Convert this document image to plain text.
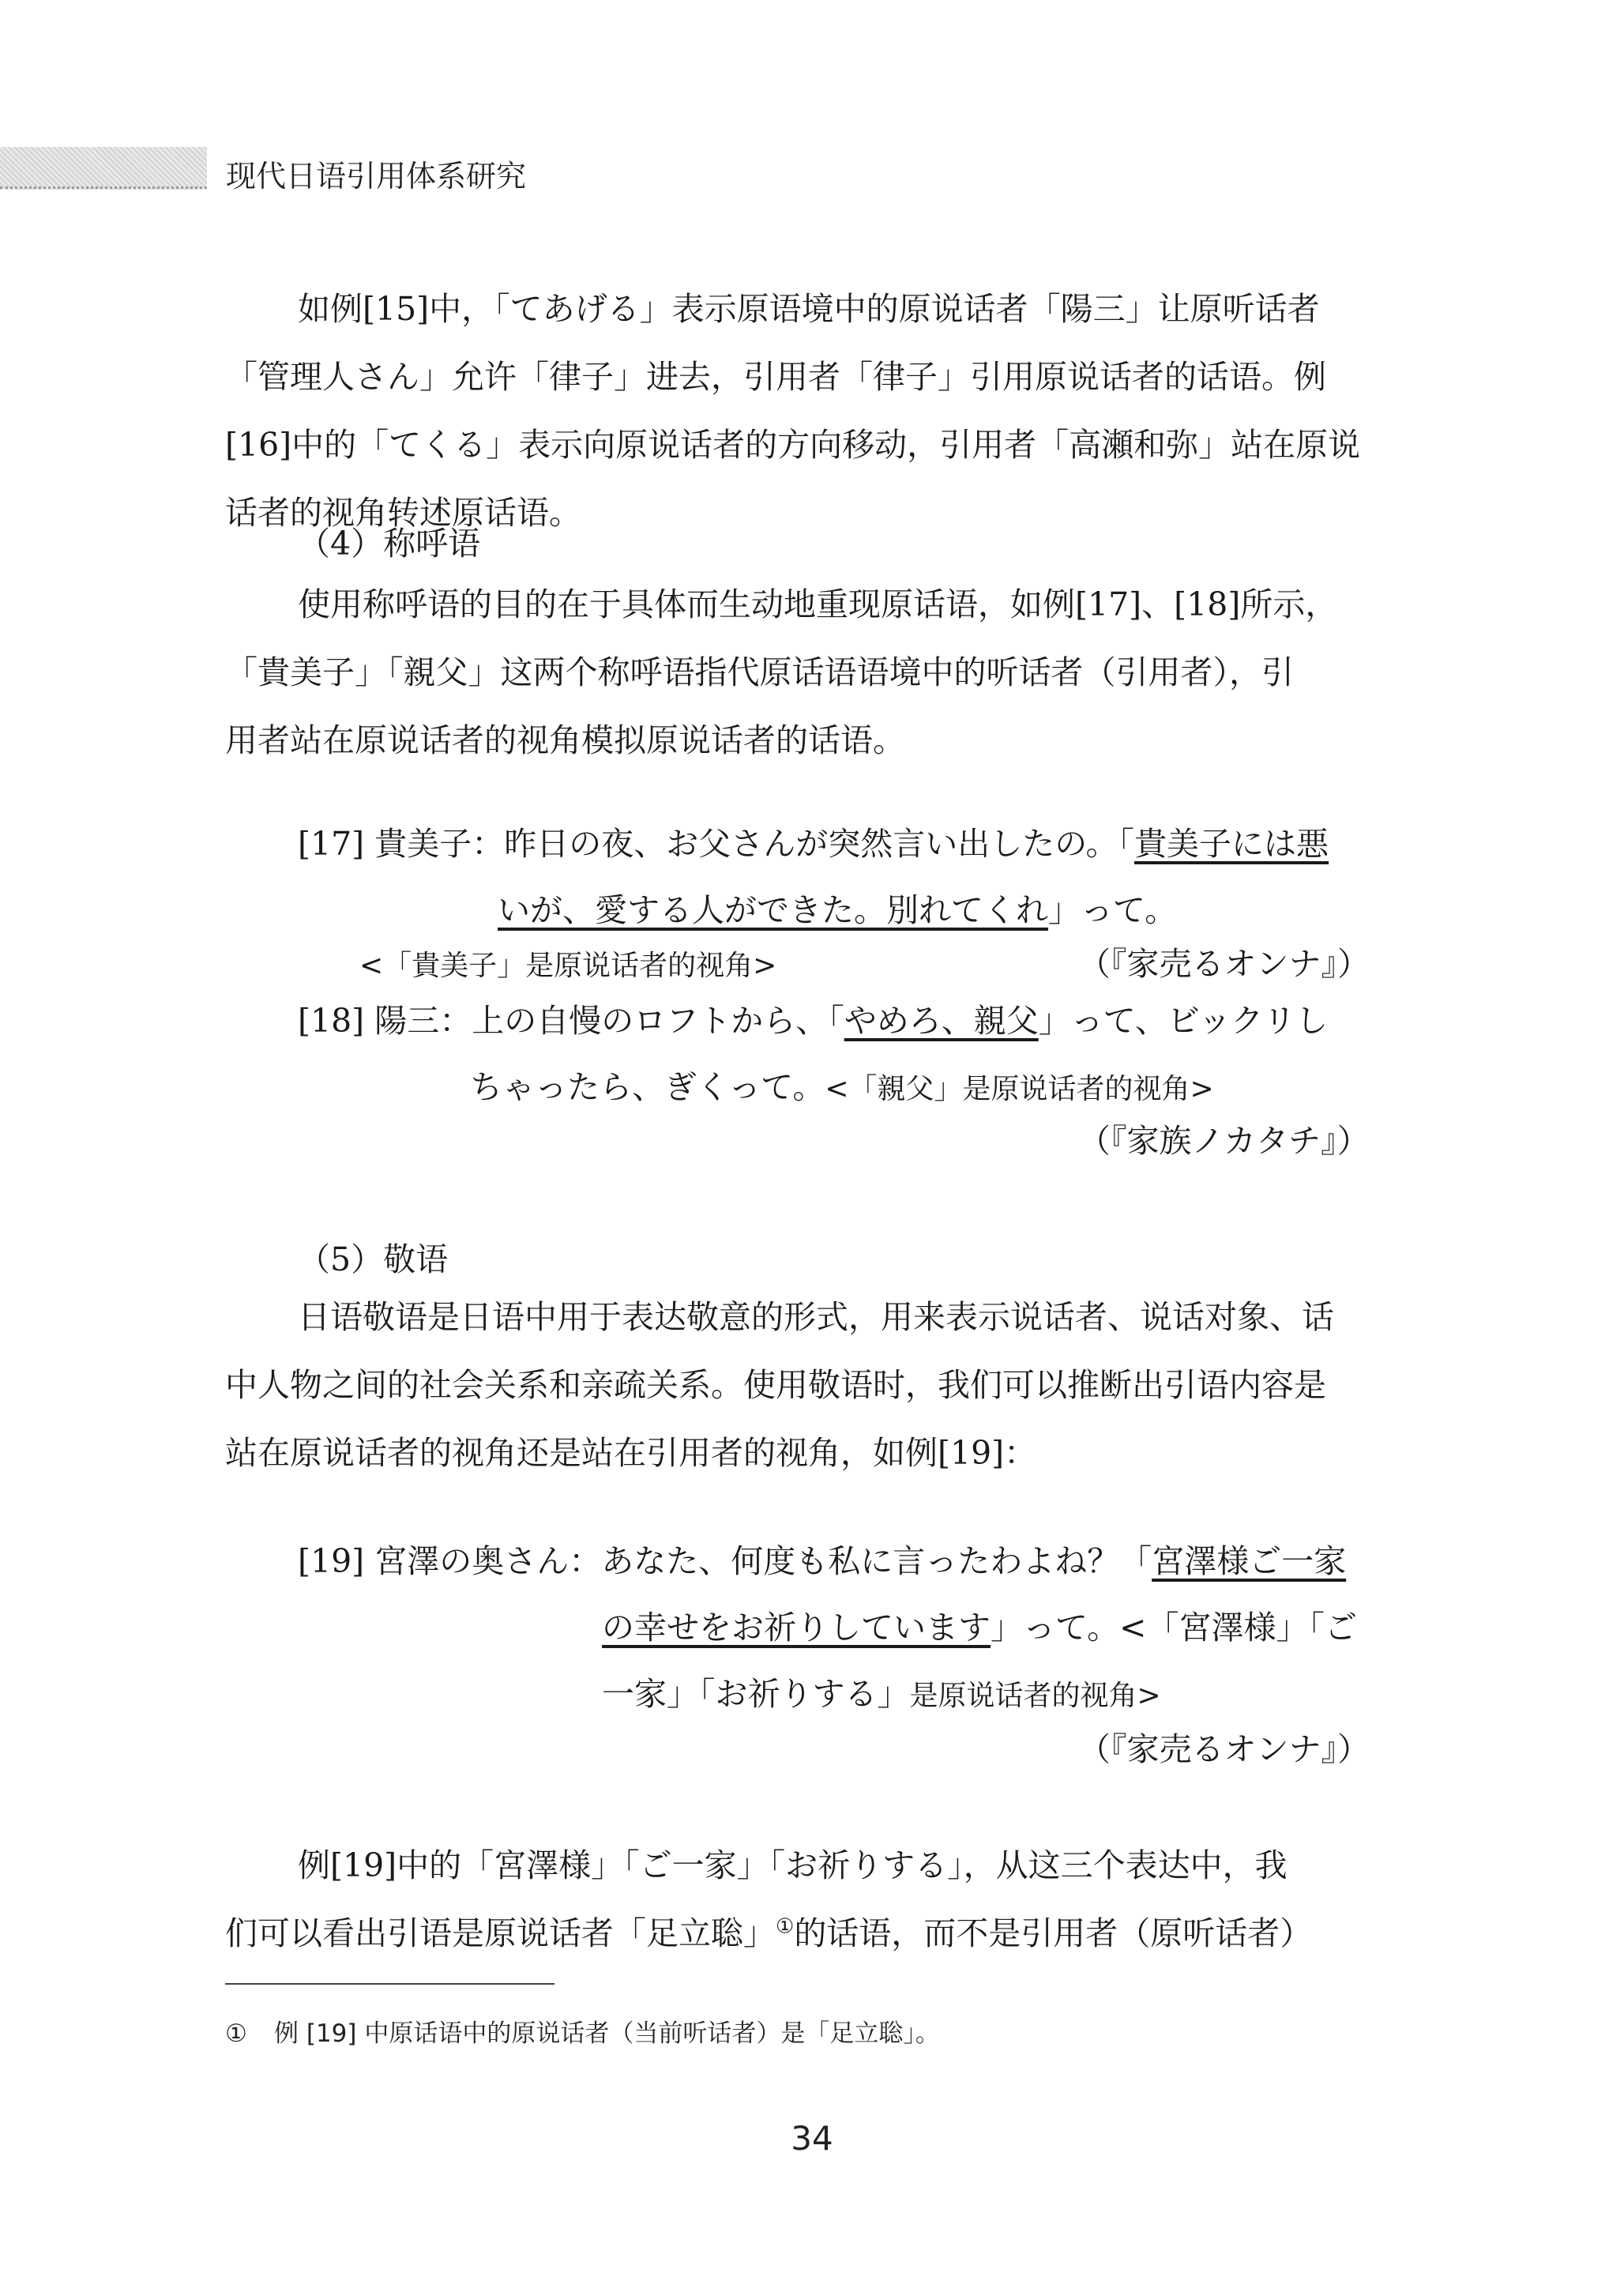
现代日语引用体系研究
如例[15]中，「てあげる」表示原语境中的原说话者「陽三」让原听话者
「管理人さん」允许「律子」进去，引用者「律子」引用原说话者的话语。例
[16]中的「てくる」表示向原说话者的方向移动，引用者「高瀬和弥」站在原说
话者的视角转述原话语。
（4）称呼语
使用称呼语的目的在于具体而生动地重现原话语，如例[17]、[18]所示，
「貴美子」「親父」这两个称呼语指代原话语语境中的听话者（引用者），引
用者站在原说话者的视角模拟原说话者的话语。
[17] 貴美子：昨日の夜、お父さんが突然言い出したの。「貴美子には悪
いが、愛する人ができた。別れてくれ」って。
<「貴美子」是原说话者的视角>	（『家売るオンナ』）
[18] 陽三：上の自慢のロフトから、「やめろ、親父」って、ビックリし
ちゃったら、ぎくって。<「親父」是原说话者的视角>
（『家族ノカタチ』）
（5）敬语
日语敬语是日语中用于表达敬意的形式，用来表示说话者、说话对象、话
中人物之间的社会关系和亲疏关系。使用敬语时，我们可以推断出引语内容是
站在原说话者的视角还是站在引用者的视角，如例[19]：
[19] 宮澤の奥さん：あなた、何度も私に言ったわよね？「宮澤様ご一家
の幸せをお祈りしています」って。<「宮澤様」「ご
一家」「お祈りする」是原说话者的视角>
（『家売るオンナ』）
例[19]中的「宮澤様」「ご一家」「お祈りする」，从这三个表达中，我
们可以看出引语是原说话者「足立聡」①的话语，而不是引用者（原听话者）
① 例 [19] 中原话语中的原说话者（当前听话者）是「足立聡」。
34
